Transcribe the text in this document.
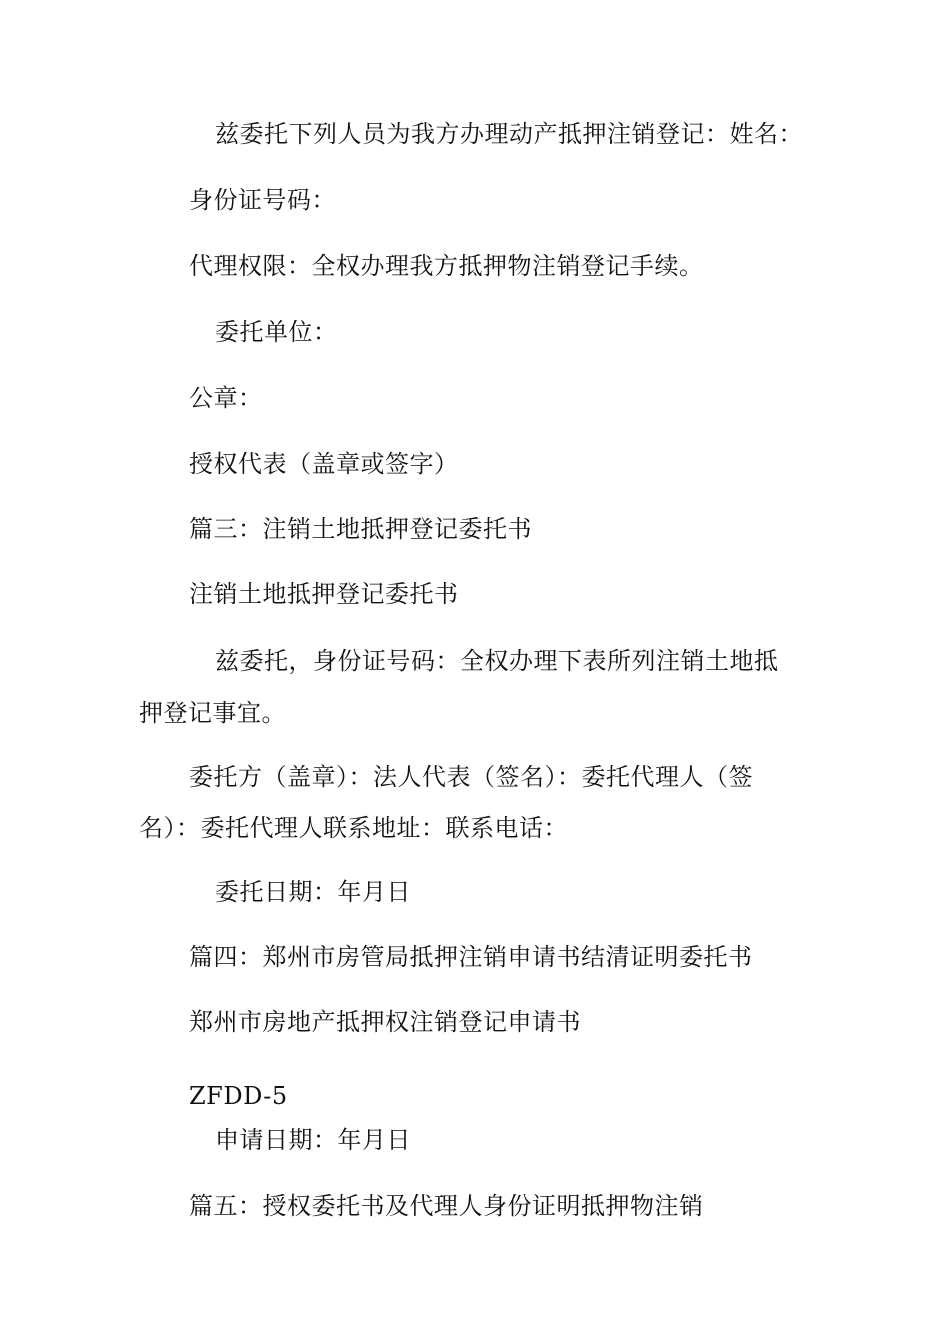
兹委托下列人员为我方办理动产抵押注销登记：姓名：
身份证号码：
代理权限：全权办理我方抵押物注销登记手续。
委托单位：
公章：
授权代表（盖章或签字）
篇三：注销土地抵押登记委托书
注销土地抵押登记委托书
兹委托，身份证号码：全权办理下表所列注销土地抵
押登记事宜。
委托方（盖章）：法人代表（签名）：委托代理人（签
名）：委托代理人联系地址：联系电话：
委托日期：年月日
篇四：郑州市房管局抵押注销申请书结清证明委托书
郑州市房地产抵押权注销登记申请书
ZFDD-5
申请日期：年月日
篇五：授权委托书及代理人身份证明抵押物注销
